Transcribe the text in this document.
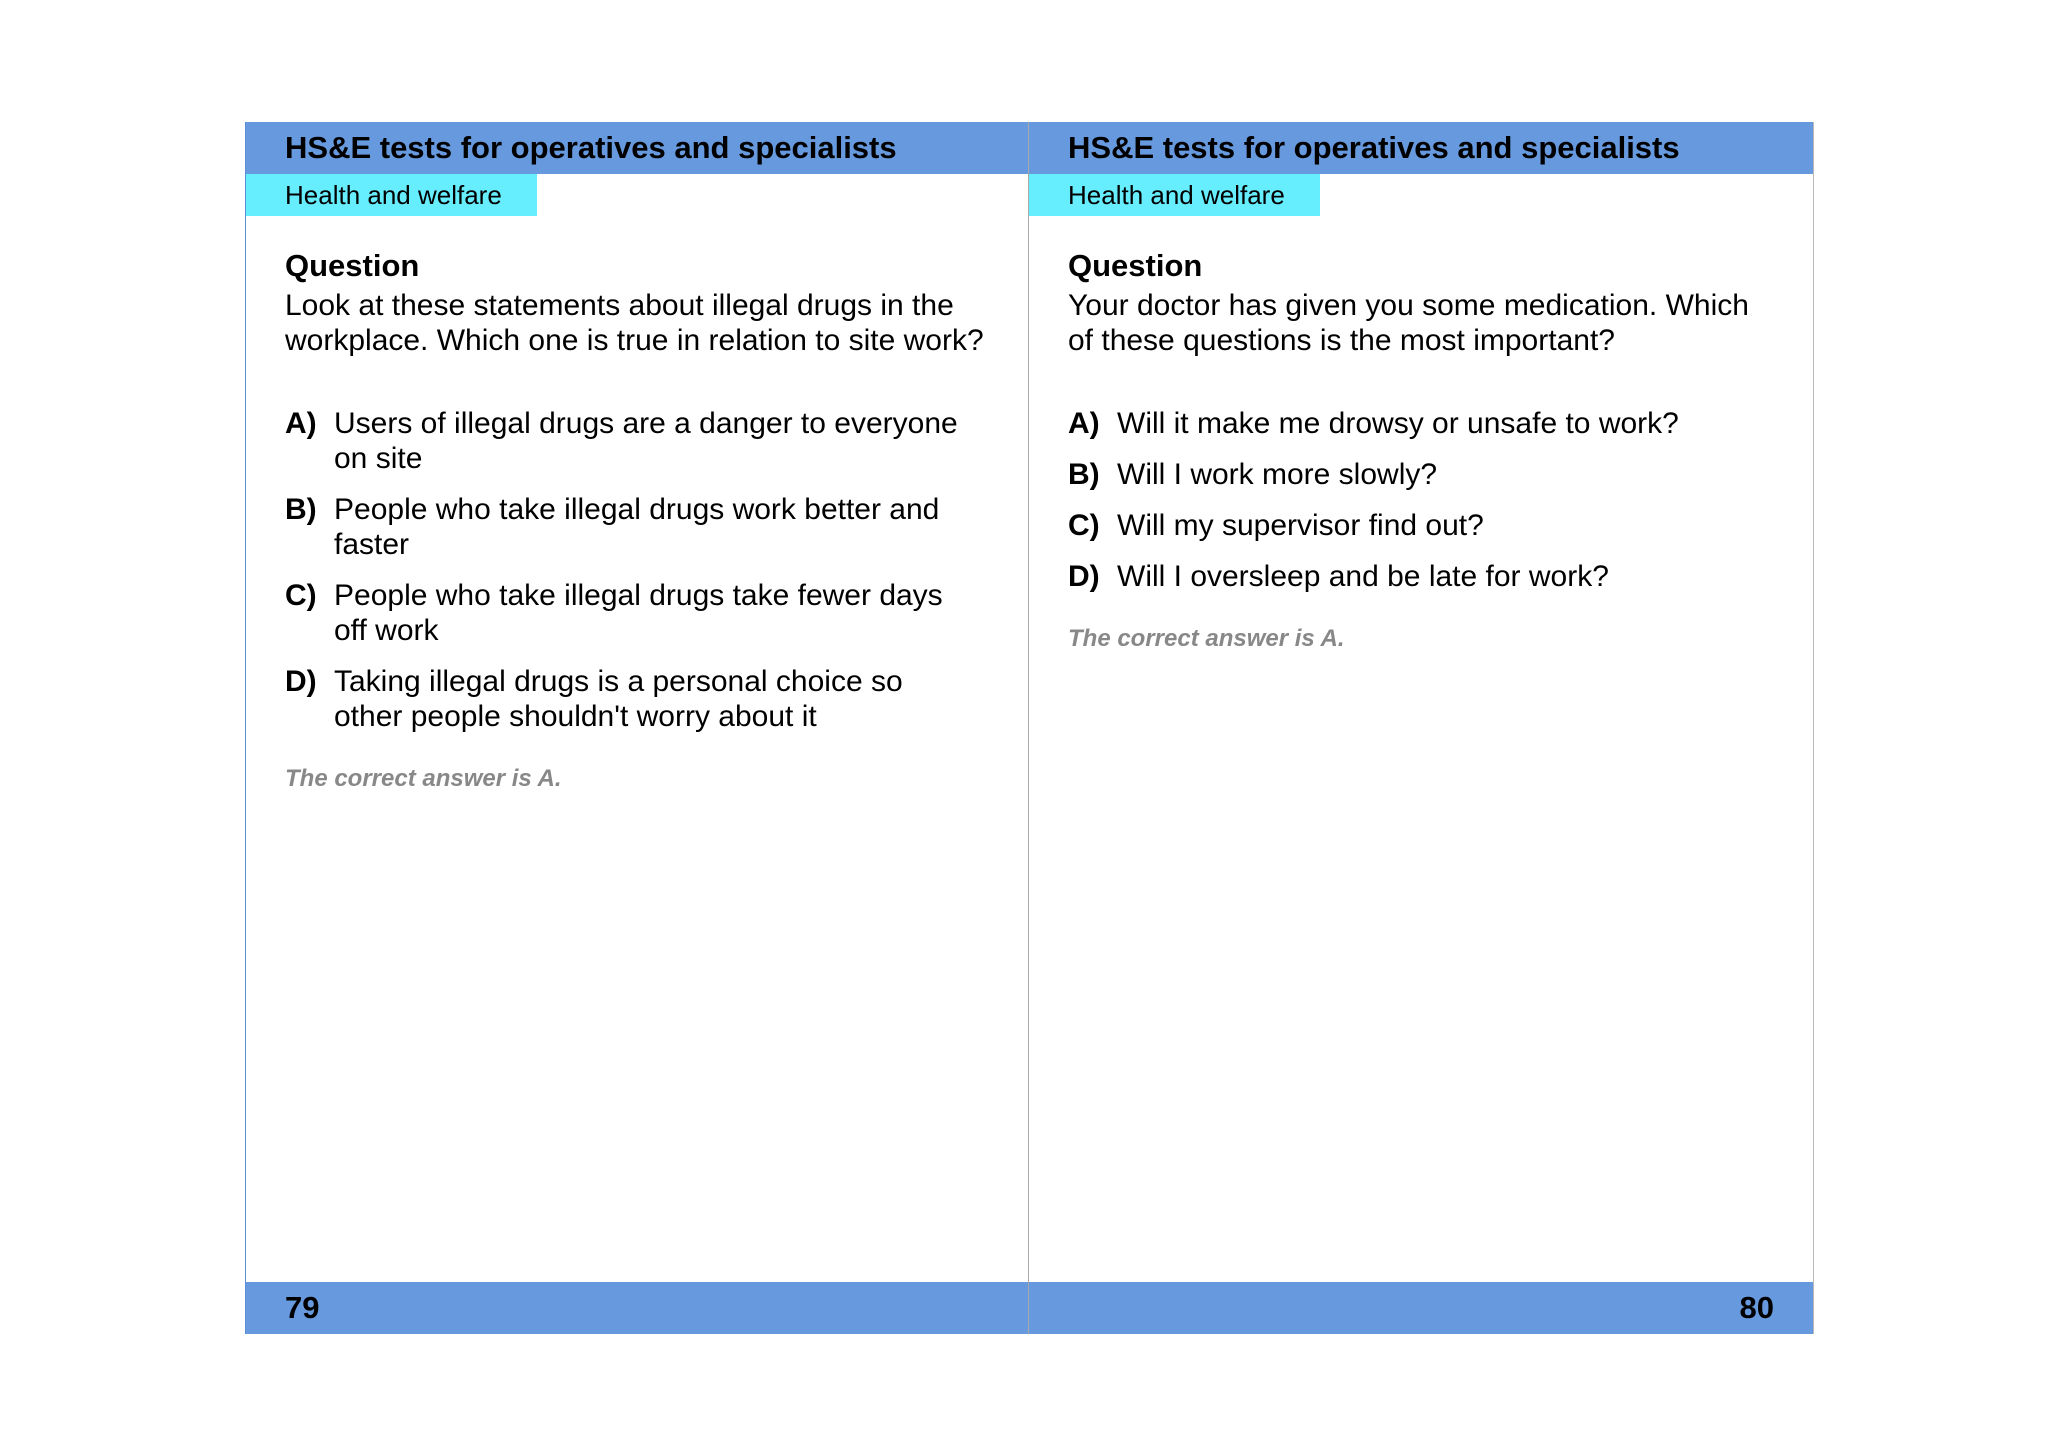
HS&E tests for operatives and specialists
Health and welfare
Question

Look at these statements about illegal drugs in the workplace. Which one is true in relation to site work?

A) Users of illegal drugs are a danger to everyone on site
B) People who take illegal drugs work better and faster
C) People who take illegal drugs take fewer days off work
D) Taking illegal drugs is a personal choice so other people shouldn't worry about it
The correct answer is A.
79
HS&E tests for operatives and specialists
Health and welfare
Question

Your doctor has given you some medication. Which of these questions is the most important?

A) Will it make me drowsy or unsafe to work?
B) Will I work more slowly?
C) Will my supervisor find out?
D) Will I oversleep and be late for work?
The correct answer is A.
80
